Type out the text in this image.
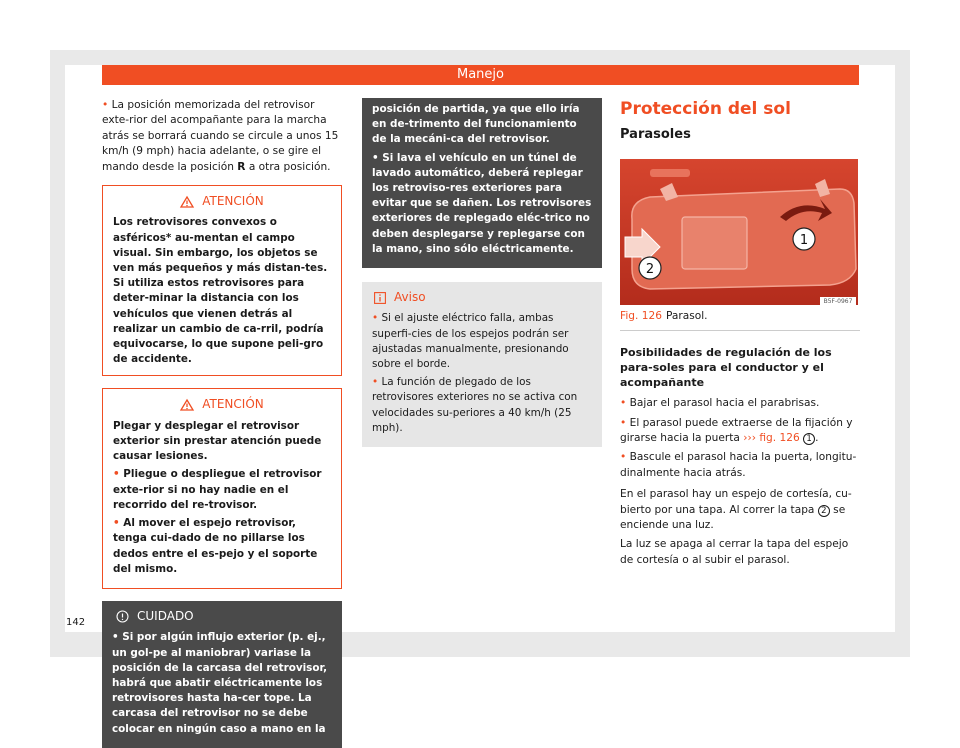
Manejo

• La posición memorizada del retrovisor exte-rior del acompañante para la marcha atrás se borrará cuando se circule a unos 15 km/h (9 mph) hacia adelante, o se gire el mando desde la posición R a otra posición.

ATENCIÓN
Los retrovisores convexos o asféricos* au-mentan el campo visual. Sin embargo, los objetos se ven más pequeños y más distan-tes. Si utiliza estos retrovisores para deter-minar la distancia con los vehículos que vienen detrás al realizar un cambio de ca-rril, podría equivocarse, lo que supone peli-gro de accidente.
ATENCIÓN

Plegar y desplegar el retrovisor exterior sin prestar atención puede causar lesiones.

• Pliegue o despliegue el retrovisor exte-rior si no hay nadie en el recorrido del re-trovisor.

• Al mover el espejo retrovisor, tenga cui-dado de no pillarse los dedos entre el es-pejo y el soporte del mismo.

CUIDADO

• Si por algún influjo exterior (p. ej., un gol-pe al maniobrar) variase la posición de la carcasa del retrovisor, habrá que abatir eléctricamente los retrovisores hasta ha-cer tope. La carcasa del retrovisor no se debe colocar en ningún caso a mano en la

posición de partida, ya que ello iría en de-trimento del funcionamiento de la mecáni-ca del retrovisor.

• Si lava el vehículo en un túnel de lavado automático, deberá replegar los retroviso-res exteriores para evitar que se dañen. Los retrovisores exteriores de replegado eléc-trico no deben desplegarse y replegarse con la mano, sino sólo eléctricamente.

Aviso

• Si el ajuste eléctrico falla, ambas superfi-cies de los espejos podrán ser ajustadas manualmente, presionando sobre el borde.

• La función de plegado de los retrovisores exteriores no se activa con velocidades su-periores a 40 km/h (25 mph).

Protección del sol
Parasoles
B5F-0967
1
2
Fig. 126 Parasol.
Posibilidades de regulación de los para-soles para el conductor y el acompañante

• Bajar el parasol hacia el parabrisas.

• El parasol puede extraerse de la fijación y girarse hacia la puerta ››› fig. 126 1 .

• Bascule el parasol hacia la puerta, longitu-dinalmente hacia atrás.

En el parasol hay un espejo de cortesía, cu-bierto por una tapa. Al correr la tapa 2 se enciende una luz.

La luz se apaga al cerrar la tapa del espejo de cortesía o al subir el parasol.

142
